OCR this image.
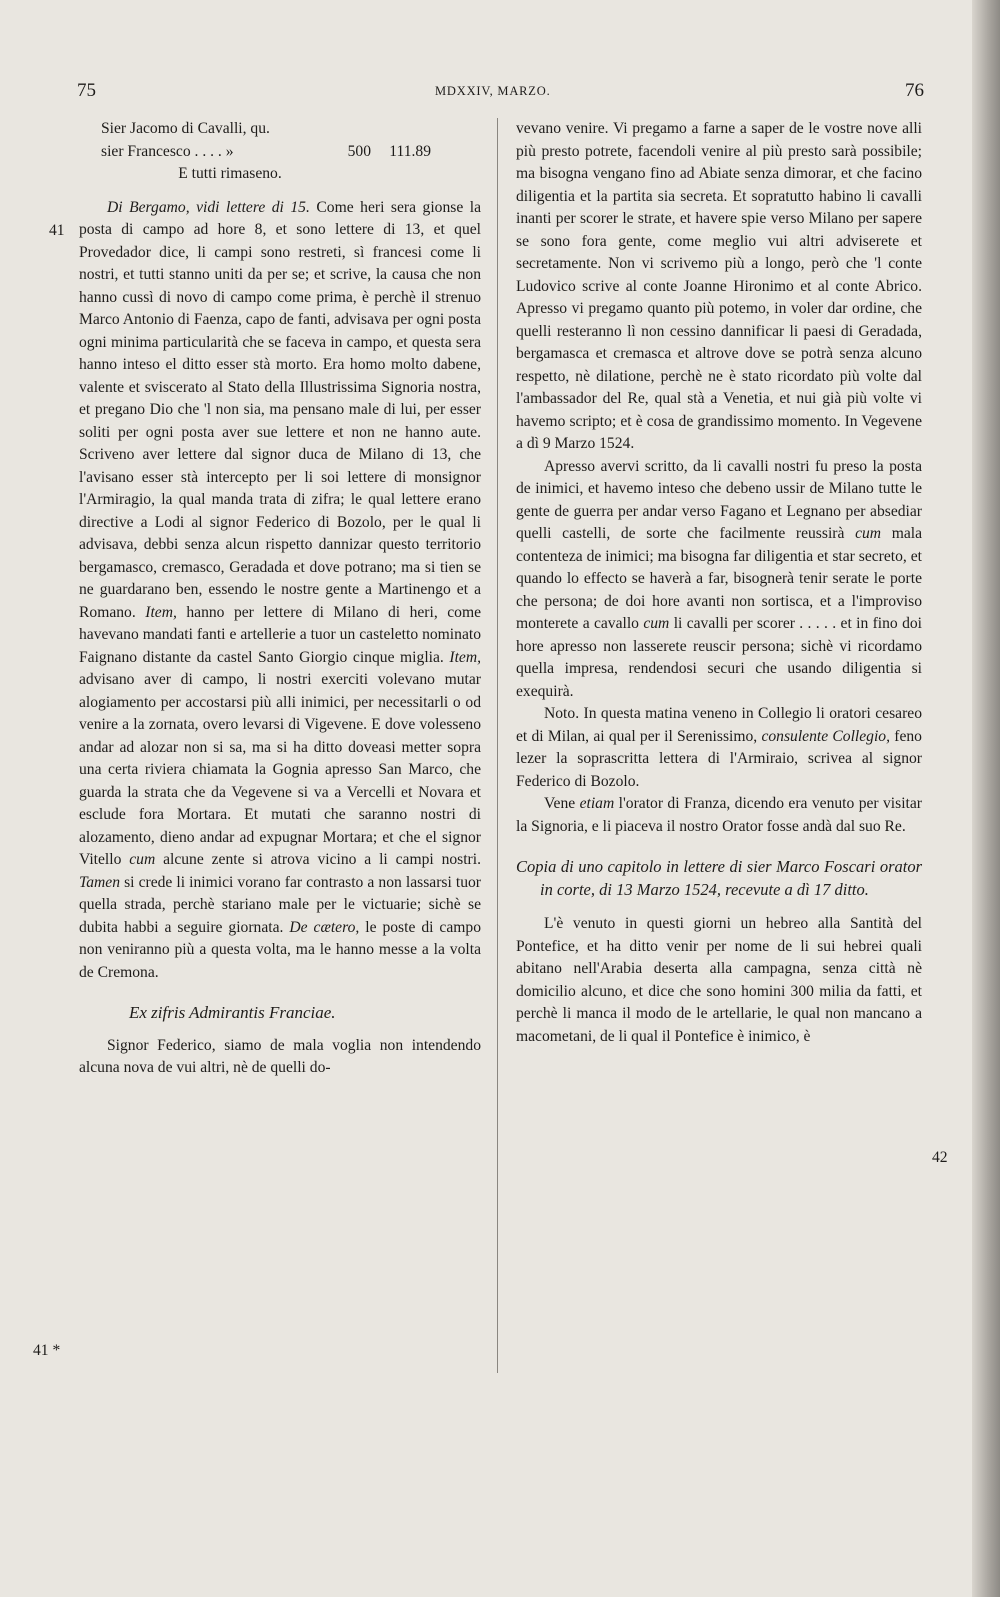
75	MDXXIV, MARZO.	76
41
41 *
42

Sier Jacomo di Cavalli, qu.

sier Francesco . . . . »	500	111.89

E tutti rimaseno.

Di Bergamo, vidi lettere di 15. Come heri sera gionse la posta di campo ad hore 8, et sono lettere di 13, et quel Provedador dice, li campi sono restreti, sì francesi come li nostri, et tutti stanno uniti da per se; et scrive, la causa che non hanno cussì di novo di campo come prima, è perchè il strenuo Marco Antonio di Faenza, capo de fanti, advisava per ogni posta ogni minima particularità che se faceva in campo, et questa sera hanno inteso el ditto esser stà morto. Era homo molto dabene, valente et sviscerato al Stato della Illustrissima Signoria nostra, et pregano Dio che 'l non sia, ma pensano male di lui, per esser soliti per ogni posta aver sue lettere et non ne hanno aute. Scriveno aver lettere dal signor duca de Milano di 13, che l'avisano esser stà intercepto per li soi lettere di monsignor l'Armiragio, la qual manda trata di zifra; le qual lettere erano directive a Lodi al signor Federico di Bozolo, per le qual li advisava, debbi senza alcun rispetto dannizar questo territorio bergamasco, cremasco, Geradada et dove potrano; ma si tien se ne guardarano ben, essendo le nostre gente a Martinengo et a Romano. Item, hanno per lettere di Milano di heri, come havevano mandati fanti e artellerie a tuor un casteletto nominato Faignano distante da castel Santo Giorgio cinque miglia. Item, advisano aver di campo, li nostri exerciti volevano mutar alogiamento per accostarsi più alli inimici, per necessitarli o od venire a la zornata, overo levarsi di Vigevene. E dove volesseno andar ad alozar non si sa, ma si ha ditto doveasi metter sopra una certa riviera chiamata la Gognia apresso San Marco, che guarda la strata che da Vegevene si va a Vercelli et Novara et esclude fora Mortara. Et mutati che saranno nostri di alozamento, dieno andar ad expugnar Mortara; et che el signor Vitello cum alcune zente si atrova vicino a li campi nostri. Tamen si crede li inimici vorano far contrasto a non lassarsi tuor quella strada, perchè stariano male per le victuarie; sichè se dubita habbi a seguire giornata. De cætero, le poste di campo non veniranno più a questa volta, ma le hanno messe a la volta de Cremona.

Ex zifris Admirantis Franciae.

Signor Federico, siamo de mala voglia non intendendo alcuna nova de vui altri, nè de quelli do-

vevano venire. Vi pregamo a farne a saper de le vostre nove alli più presto potrete, facendoli venire al più presto sarà possibile; ma bisogna vengano fino ad Abiate senza dimorar, et che facino diligentia et la partita sia secreta. Et sopratutto habino li cavalli inanti per scorer le strate, et havere spie verso Milano per sapere se sono fora gente, come meglio vui altri adviserete et secretamente. Non vi scrivemo più a longo, però che 'l conte Ludovico scrive al conte Joanne Hironimo et al conte Abrico. Apresso vi pregamo quanto più potemo, in voler dar ordine, che quelli resteranno lì non cessino dannificar li paesi di Geradada, bergamasca et cremasca et altrove dove se potrà senza alcuno respetto, nè dilatione, perchè ne è stato ricordato più volte dal l'ambassador del Re, qual stà a Venetia, et nui già più volte vi havemo scripto; et è cosa de grandissimo momento. In Vegevene a dì 9 Marzo 1524.

Apresso avervi scritto, da li cavalli nostri fu preso la posta de inimici, et havemo inteso che debeno ussir de Milano tutte le gente de guerra per andar verso Fagano et Legnano per absediar quelli castelli, de sorte che facilmente reussirà cum mala contenteza de inimici; ma bisogna far diligentia et star secreto, et quando lo effecto se haverà a far, bisognerà tenir serate le porte che persona; de doi hore avanti non sortisca, et a l'improviso monterete a cavallo cum li cavalli per scorer . . . . . et in fino doi hore apresso non lasserete reuscir persona; sichè vi ricordamo quella impresa, rendendosi securi che usando diligentia si exequirà.

Noto. In questa matina veneno in Collegio li oratori cesareo et di Milan, ai qual per il Serenissimo, consulente Collegio, feno lezer la soprascritta lettera di l'Armiraio, scrivea al signor Federico di Bozolo.

Vene etiam l'orator di Franza, dicendo era venuto per visitar la Signoria, e li piaceva il nostro Orator fosse andà dal suo Re.

Copia di uno capitolo in lettere di sier Marco Foscari orator in corte, di 13 Marzo 1524, recevute a dì 17 ditto.

L'è venuto in questi giorni un hebreo alla Santità del Pontefice, et ha ditto venir per nome de li sui hebrei quali abitano nell'Arabia deserta alla campagna, senza città nè domicilio alcuno, et dice che sono homini 300 milia da fatti, et perchè li manca il modo de le artellarie, le qual non mancano a macometani, de li qual il Pontefice è inimico, è
